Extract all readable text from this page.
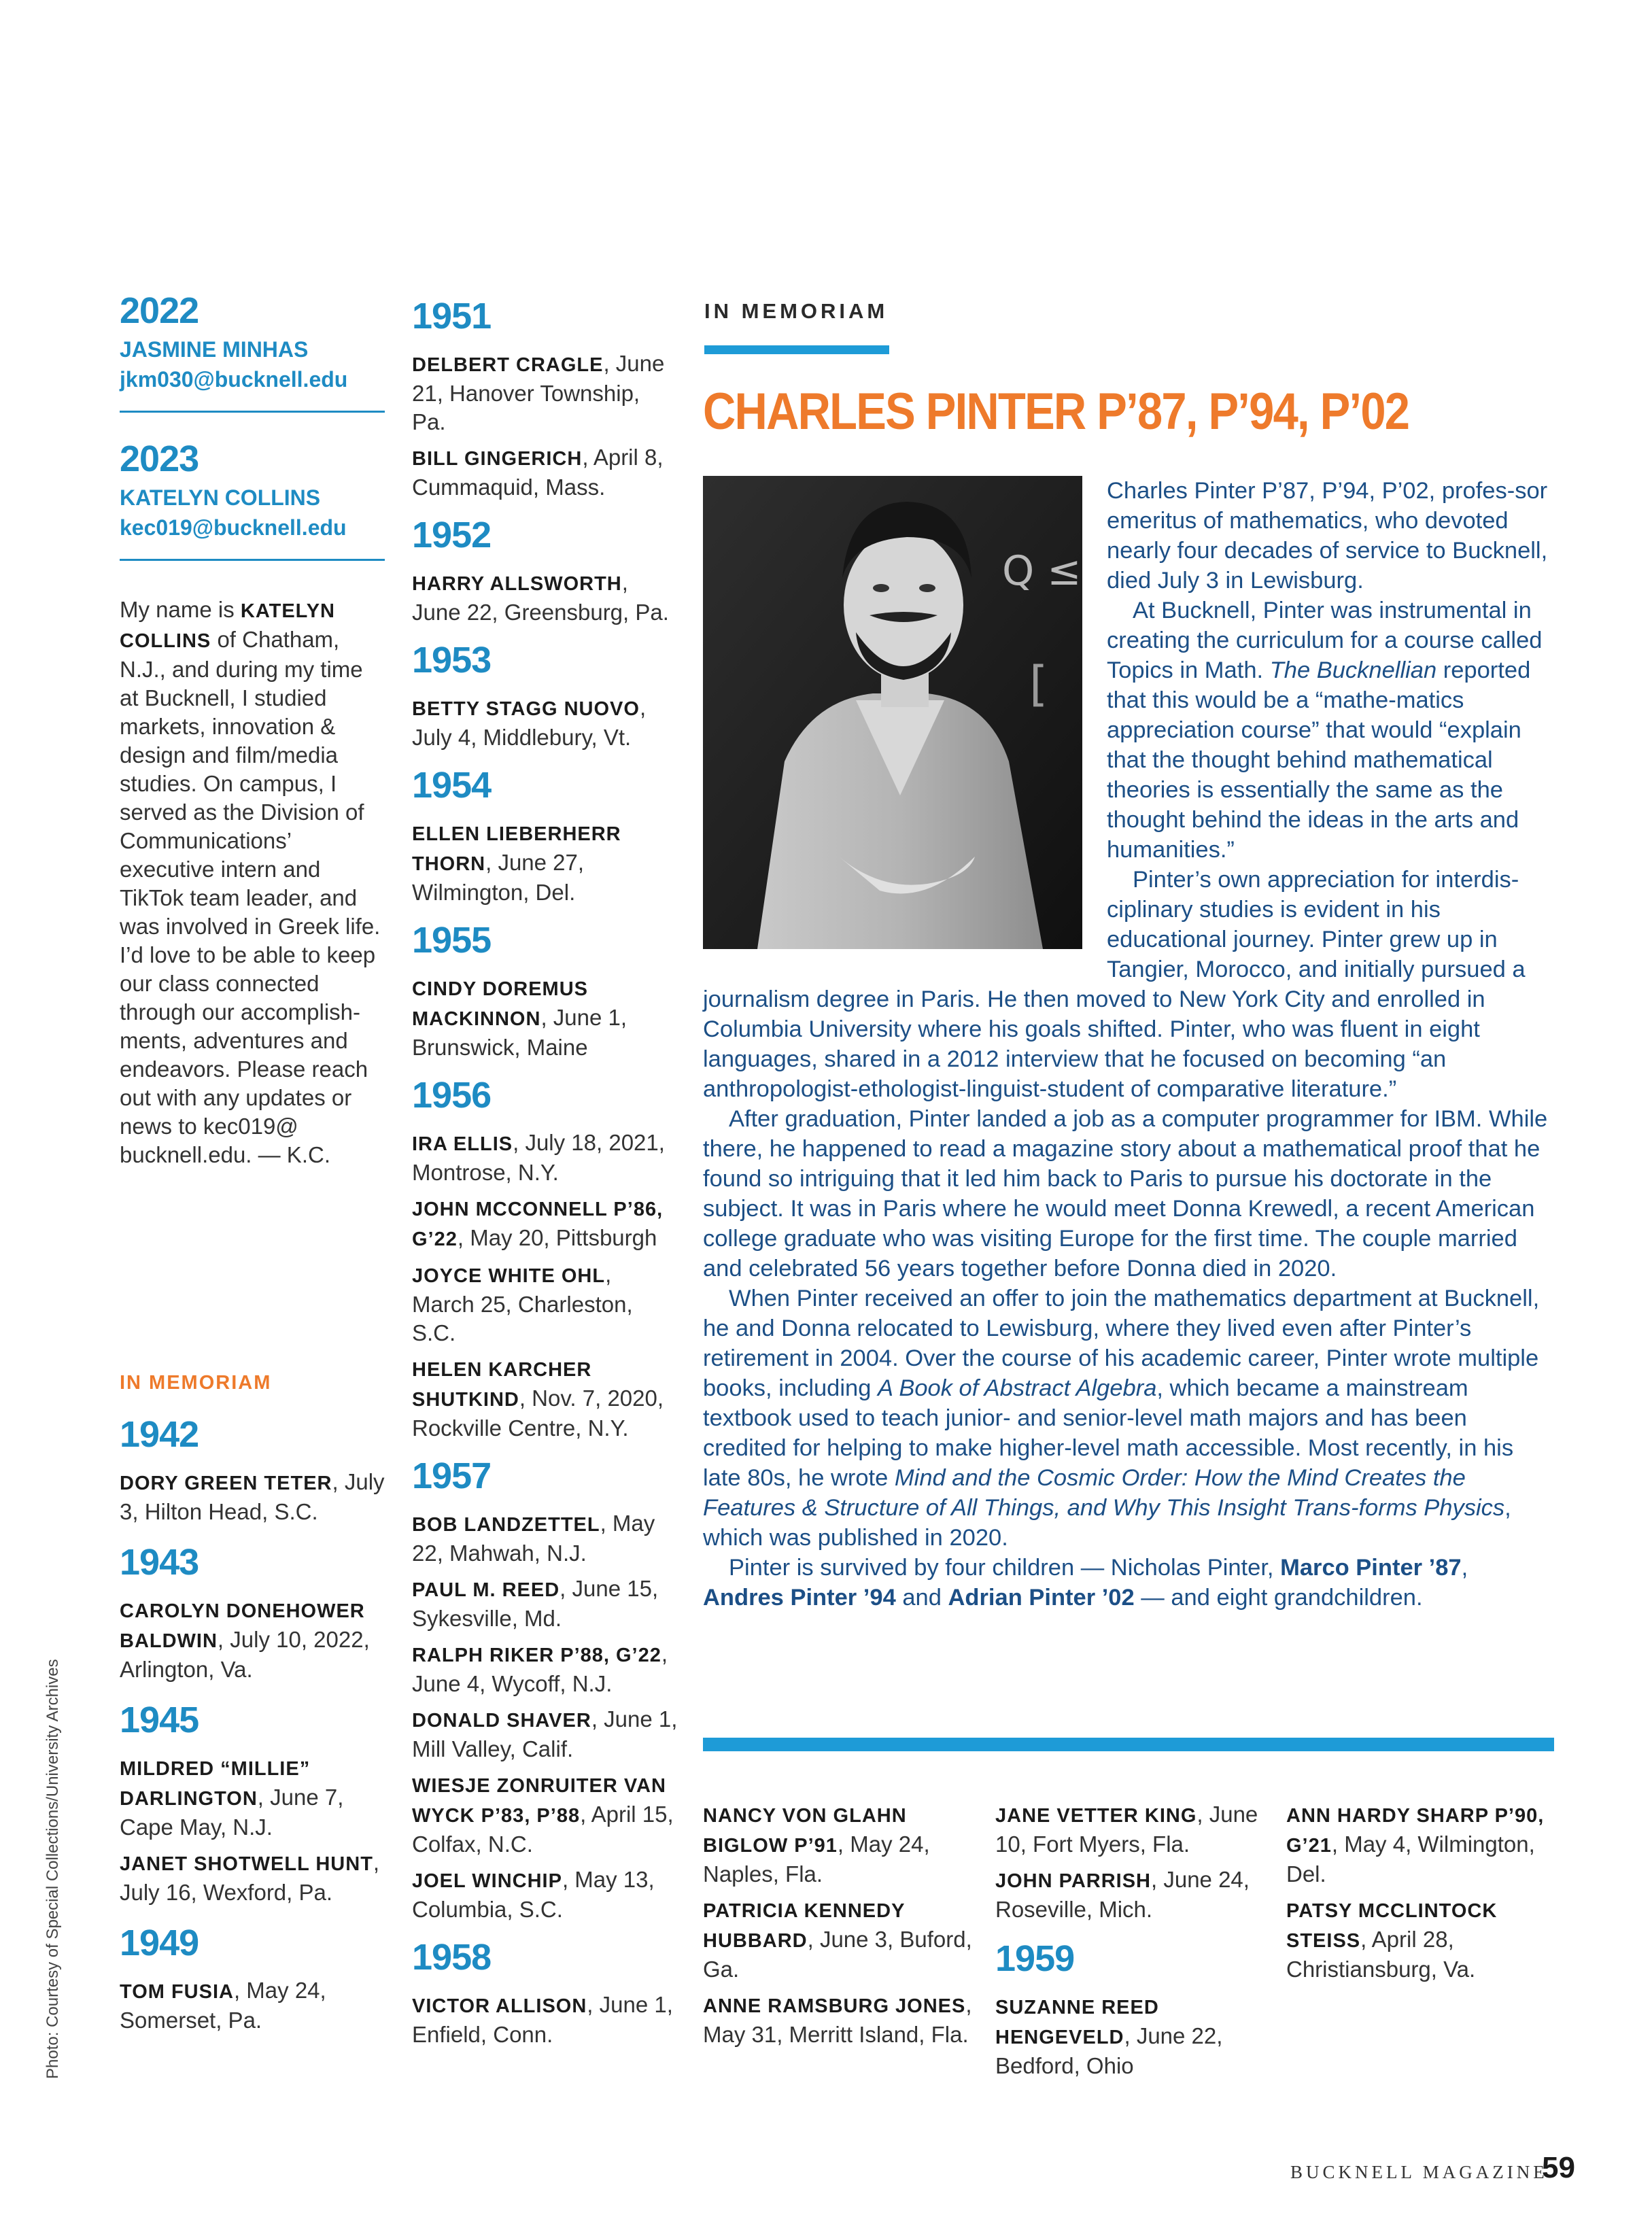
2022
JASMINE MINHAS
jkm030@bucknell.edu
2023
KATELYN COLLINS
kec019@bucknell.edu
My name is KATELYN COLLINS of Chatham, N.J., and during my time at Bucknell, I studied markets, innovation & design and film/media studies. On campus, I served as the Division of Communications’ executive intern and TikTok team leader, and was involved in Greek life. I’d love to be able to keep our class connected through our accomplish-ments, adventures and endeavors. Please reach out with any updates or news to kec019@ bucknell.edu. — K.C.
IN MEMORIAM
1942
DORY GREEN TETER, July 3, Hilton Head, S.C.
1943
CAROLYN DONEHOWER BALDWIN, July 10, 2022, Arlington, Va.
1945
MILDRED “MILLIE” DARLINGTON, June 7, Cape May, N.J.
JANET SHOTWELL HUNT, July 16, Wexford, Pa.
1949
TOM FUSIA, May 24, Somerset, Pa.
1951
DELBERT CRAGLE, June 21, Hanover Township, Pa.
BILL GINGERICH, April 8, Cummaquid, Mass.
1952
HARRY ALLSWORTH, June 22, Greensburg, Pa.
1953
BETTY STAGG NUOVO, July 4, Middlebury, Vt.
1954
ELLEN LIEBERHERR THORN, June 27, Wilmington, Del.
1955
CINDY DOREMUS MACKINNON, June 1, Brunswick, Maine
1956
IRA ELLIS, July 18, 2021, Montrose, N.Y.
JOHN MCCONNELL P’86, G’22, May 20, Pittsburgh
JOYCE WHITE OHL, March 25, Charleston, S.C.
HELEN KARCHER SHUTKIND, Nov. 7, 2020, Rockville Centre, N.Y.
1957
BOB LANDZETTEL, May 22, Mahwah, N.J.
PAUL M. REED, June 15, Sykesville, Md.
RALPH RIKER P’88, G’22, June 4, Wycoff, N.J.
DONALD SHAVER, June 1, Mill Valley, Calif.
WIESJE ZONRUITER VAN WYCK P’83, P’88, April 15, Colfax, N.C.
JOEL WINCHIP, May 13, Columbia, S.C.
1958
VICTOR ALLISON, June 1, Enfield, Conn.
IN MEMORIAM
CHARLES PINTER P’87, P’94, P’02
Q ≤
[

Charles Pinter P’87, P’94, P’02, profes-sor emeritus of mathematics, who devoted nearly four decades of service to Bucknell, died July 3 in Lewisburg.

At Bucknell, Pinter was instrumental in creating the curriculum for a course called Topics in Math. The Bucknellian reported that this would be a “mathe-matics appreciation course” that would “explain that the thought behind mathematical theories is essentially the same as the thought behind the ideas in the arts and humanities.”

Pinter’s own appreciation for interdis-ciplinary studies is evident in his educational journey. Pinter grew up in Tangier, Morocco, and initially pursued a journalism degree in Paris. He then moved to New York City and enrolled in Columbia University where his goals shifted. Pinter, who was fluent in eight languages, shared in a 2012 interview that he focused on becoming “an anthropologist-ethologist-linguist-student of comparative literature.”

After graduation, Pinter landed a job as a computer programmer for IBM. While there, he happened to read a magazine story about a mathematical proof that he found so intriguing that it led him back to Paris to pursue his doctorate in the subject. It was in Paris where he would meet Donna Krewedl, a recent American college graduate who was visiting Europe for the first time. The couple married and celebrated 56 years together before Donna died in 2020.

When Pinter received an offer to join the mathematics department at Bucknell, he and Donna relocated to Lewisburg, where they lived even after Pinter’s retirement in 2004. Over the course of his academic career, Pinter wrote multiple books, including A Book of Abstract Algebra, which became a mainstream textbook used to teach junior- and senior-level math majors and has been credited for helping to make higher-level math accessible. Most recently, in his late 80s, he wrote Mind and the Cosmic Order: How the Mind Creates the Features & Structure of All Things, and Why This Insight Trans-forms Physics, which was published in 2020.

Pinter is survived by four children — Nicholas Pinter, Marco Pinter ’87, Andres Pinter ’94 and Adrian Pinter ’02 — and eight grandchildren.

NANCY VON GLAHN BIGLOW P’91, May 24, Naples, Fla.
PATRICIA KENNEDY HUBBARD, June 3, Buford, Ga.
ANNE RAMSBURG JONES, May 31, Merritt Island, Fla.
JANE VETTER KING, June 10, Fort Myers, Fla.
JOHN PARRISH, June 24, Roseville, Mich.
1959
SUZANNE REED HENGEVELD, June 22, Bedford, Ohio
ANN HARDY SHARP P’90, G’21, May 4, Wilmington, Del.
PATSY MCCLINTOCK STEISS, April 28, Christiansburg, Va.
BUCKNELL MAGAZINE
59
Photo: Courtesy of Special Collections/University Archives
